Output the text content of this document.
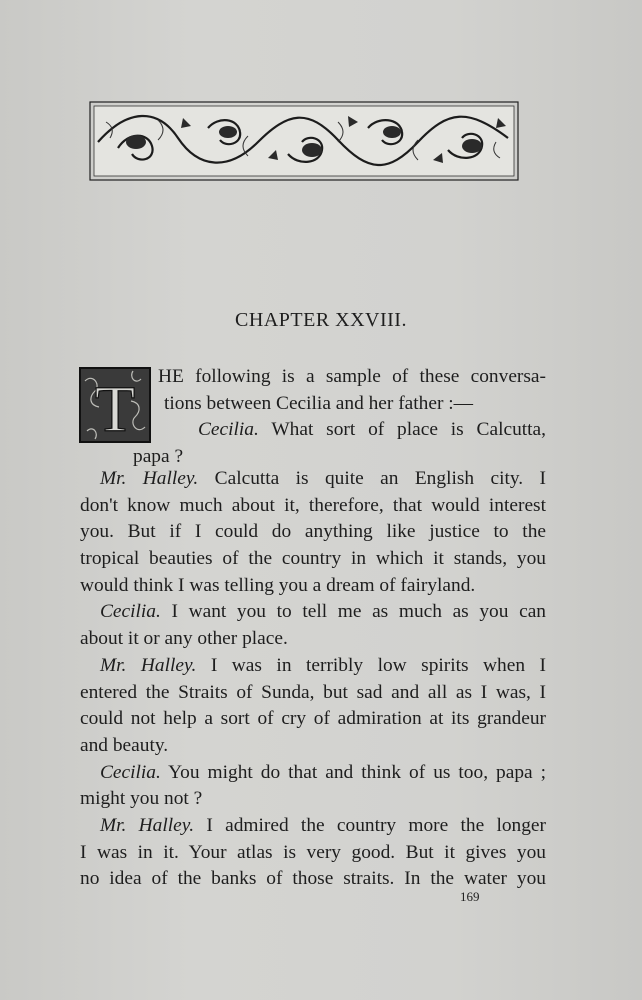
CHAPTER XXVIII.
T HE following is a sample of these conversa-
tions between Cecilia and her father :—
Cecilia. What sort of place is Calcutta,
papa ?
Mr. Halley. Calcutta is quite an English city. I
don't know much about it, therefore, that would interest
you. But if I could do anything like justice to the
tropical beauties of the country in which it stands, you
would think I was telling you a dream of fairyland.
Cecilia. I want you to tell me as much as you can
about it or any other place.
Mr. Halley. I was in terribly low spirits when I
entered the Straits of Sunda, but sad and all as I was, I
could not help a sort of cry of admiration at its grandeur
and beauty.
Cecilia. You might do that and think of us too, papa ;
might you not ?
Mr. Halley. I admired the country more the longer
I was in it. Your atlas is very good. But it gives you
no idea of the banks of those straits. In the water you
169
